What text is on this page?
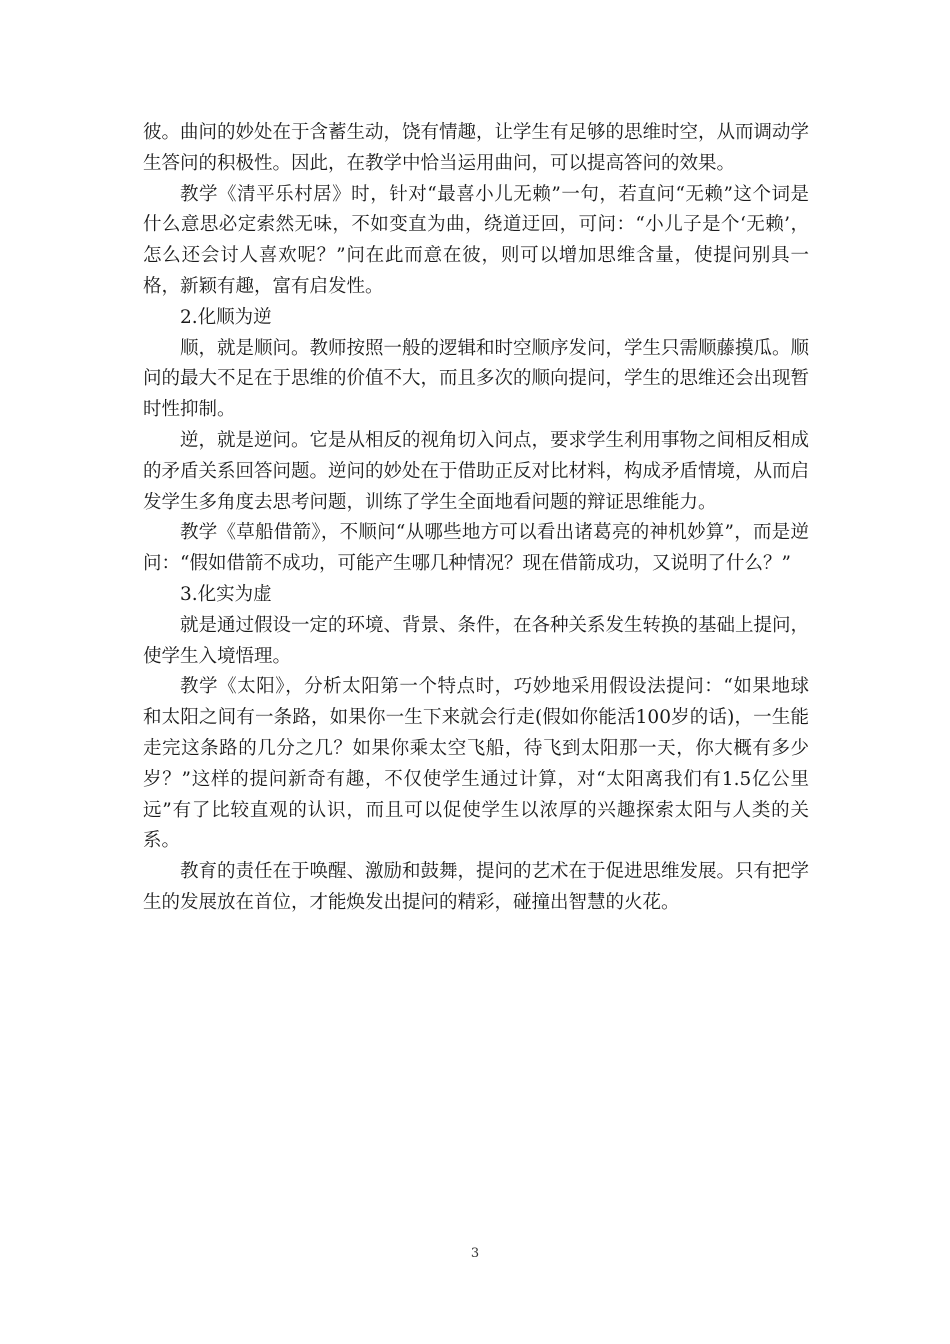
彼。曲问的妙处在于含蓄生动，饶有情趣，让学生有足够的思维时空，从而调动学生答问的积极性。因此，在教学中恰当运用曲问，可以提高答问的效果。

教学《清平乐村居》时，针对“最喜小儿无赖”一句，若直问“无赖”这个词是什么意思必定索然无味，不如变直为曲，绕道迂回，可问：“小儿子是个‘无赖’，怎么还会讨人喜欢呢？”问在此而意在彼，则可以增加思维含量，使提问别具一格，新颖有趣，富有启发性。

2.化顺为逆

顺，就是顺问。教师按照一般的逻辑和时空顺序发问，学生只需顺藤摸瓜。顺问的最大不足在于思维的价值不大，而且多次的顺向提问，学生的思维还会出现暂时性抑制。

逆，就是逆问。它是从相反的视角切入问点，要求学生利用事物之间相反相成的矛盾关系回答问题。逆问的妙处在于借助正反对比材料，构成矛盾情境，从而启发学生多角度去思考问题，训练了学生全面地看问题的辩证思维能力。

教学《草船借箭》，不顺问“从哪些地方可以看出诸葛亮的神机妙算”，而是逆问：“假如借箭不成功，可能产生哪几种情况？现在借箭成功，又说明了什么？”

3.化实为虚

就是通过假设一定的环境、背景、条件，在各种关系发生转换的基础上提问，使学生入境悟理。

教学《太阳》，分析太阳第一个特点时，巧妙地采用假设法提问：“如果地球和太阳之间有一条路，如果你一生下来就会行走(假如你能活100岁的话)，一生能走完这条路的几分之几？如果你乘太空飞船，待飞到太阳那一天，你大概有多少岁？”这样的提问新奇有趣，不仅使学生通过计算，对“太阳离我们有1.5亿公里远”有了比较直观的认识，而且可以促使学生以浓厚的兴趣探索太阳与人类的关系。

教育的责任在于唤醒、激励和鼓舞，提问的艺术在于促进思维发展。只有把学生的发展放在首位，才能焕发出提问的精彩，碰撞出智慧的火花。

3
